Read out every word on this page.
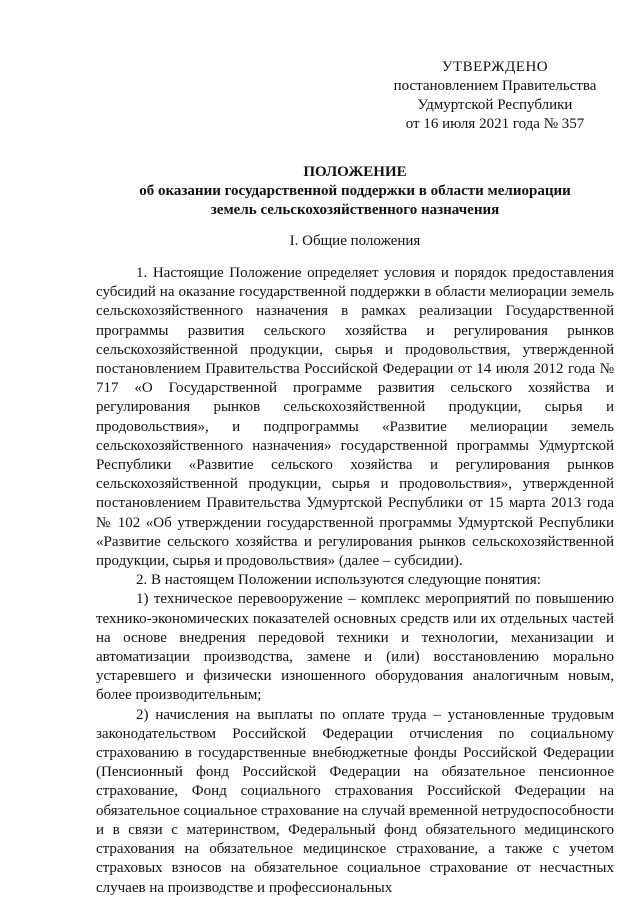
УТВЕРЖДЕНО
постановлением Правительства
Удмуртской Республики
от 16 июля 2021 года № 357
ПОЛОЖЕНИЕ
об оказании государственной поддержки в области мелиорации
земель сельскохозяйственного назначения
I. Общие положения

1. Настоящие Положение определяет условия и порядок предоставления субсидий на оказание государственной поддержки в области мелиорации земель сельскохозяйственного назначения в рамках реализации Государственной программы развития сельского хозяйства и регулирования рынков сельскохозяйственной продукции, сырья и продовольствия, утвержденной постановлением Правительства Российской Федерации от 14 июля 2012 года № 717 «О Государственной программе развития сельского хозяйства и регулирования рынков сельскохозяйственной продукции, сырья и продовольствия», и подпрограммы «Развитие мелиорации земель сельскохозяйственного назначения» государственной программы Удмуртской Республики «Развитие сельского хозяйства и регулирования рынков сельскохозяйственной продукции, сырья и продовольствия», утвержденной постановлением Правительства Удмуртской Республики от 15 марта 2013 года № 102 «Об утверждении государственной программы Удмуртской Республики «Развитие сельского хозяйства и регулирования рынков сельскохозяйственной продукции, сырья и продовольствия» (далее – субсидии).

2. В настоящем Положении используются следующие понятия:

1) техническое перевооружение – комплекс мероприятий по повышению технико-экономических показателей основных средств или их отдельных частей на основе внедрения передовой техники и технологии, механизации и автоматизации производства, замене и (или) восстановлению морально устаревшего и физически изношенного оборудования аналогичным новым, более производительным;

2) начисления на выплаты по оплате труда – установленные трудовым законодательством Российской Федерации отчисления по социальному страхованию в государственные внебюджетные фонды Российской Федерации (Пенсионный фонд Российской Федерации на обязательное пенсионное страхование, Фонд социального страхования Российской Федерации на обязательное социальное страхование на случай временной нетрудоспособности и в связи с материнством, Федеральный фонд обязательного медицинского страхования на обязательное медицинское страхование, а также с учетом страховых взносов на обязательное социальное страхование от несчастных случаев на производстве и профессиональных
